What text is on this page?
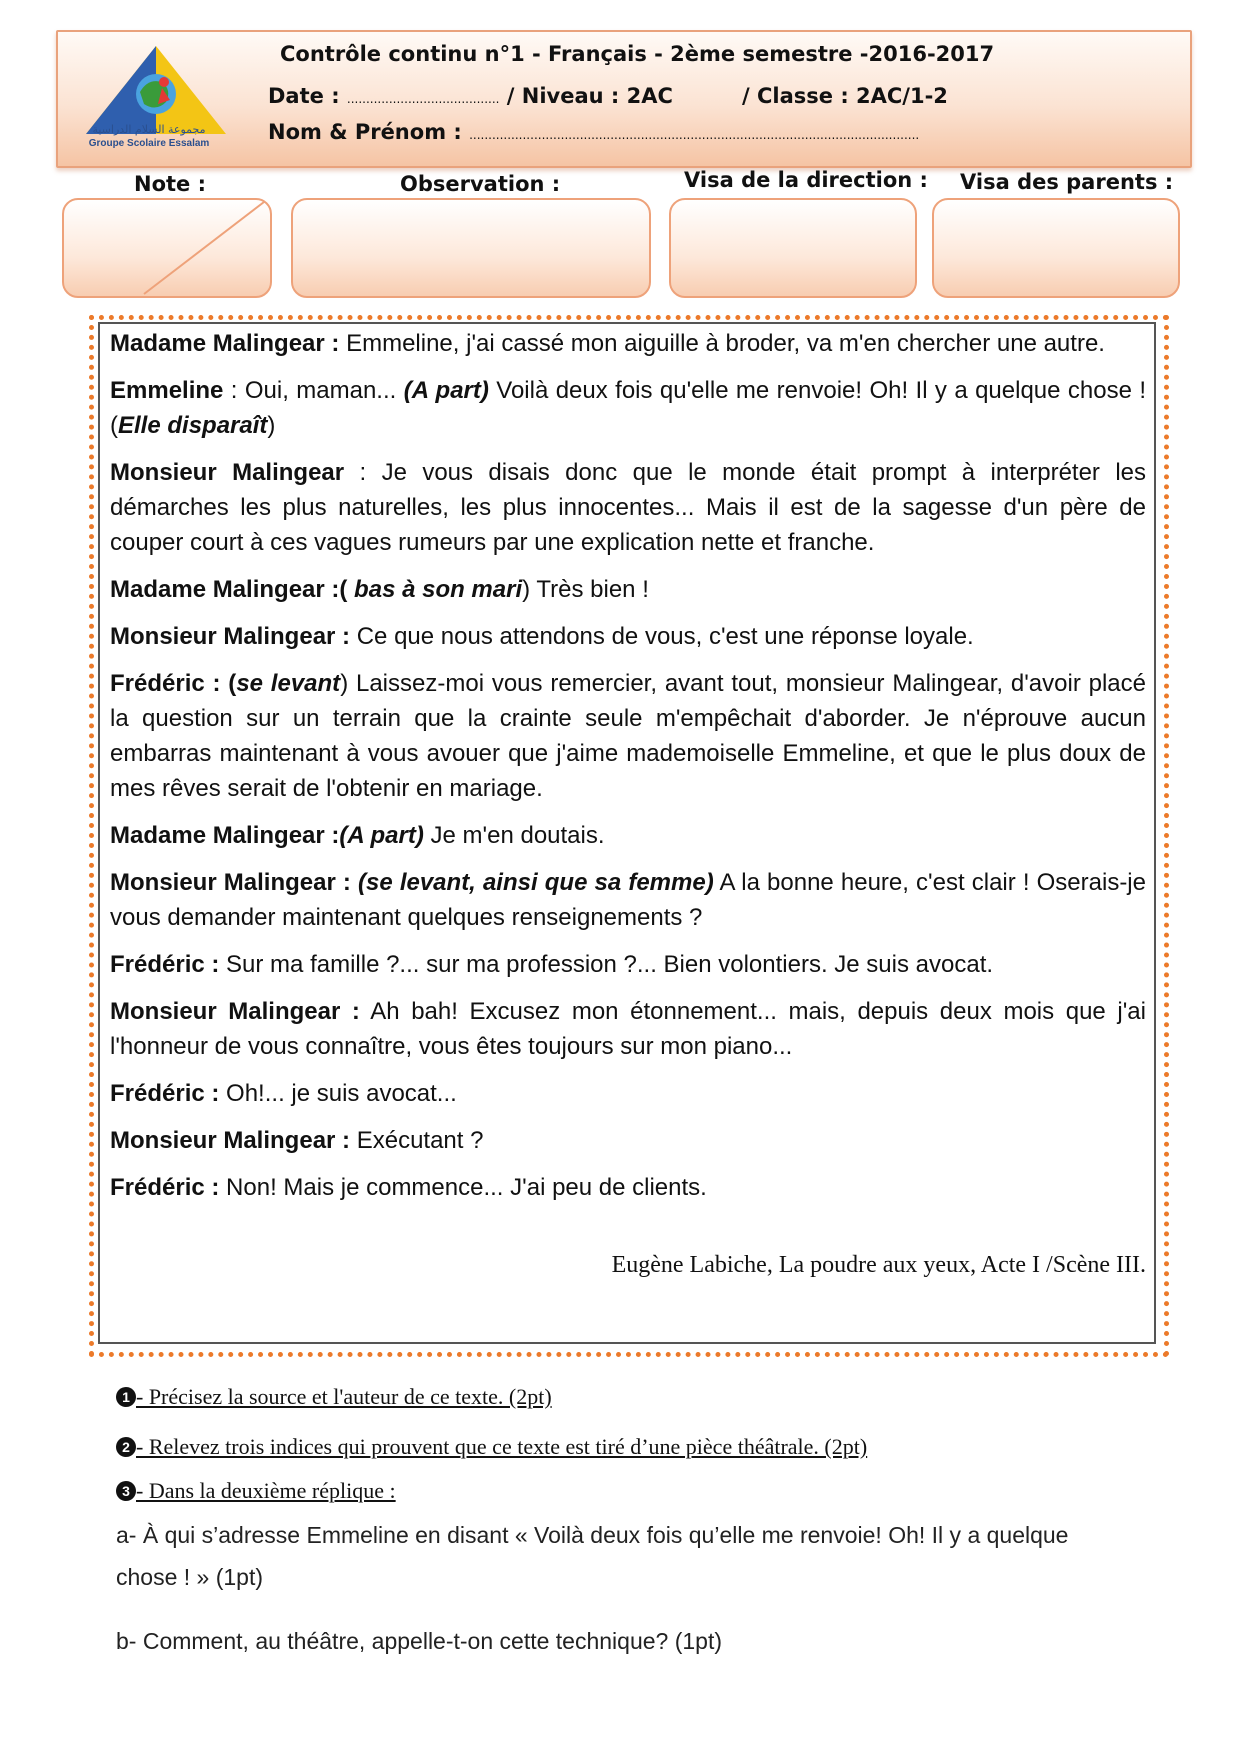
مجموعة السلام الدراسية
Groupe Scolaire Essalam
Contrôle continu n°1 - Français - 2ème semestre -2016-2017
Date : ........................................ / Niveau : 2AC	/ Classe : 2AC/1-2
Nom & Prénom : ......................................................................................................................
Note :	Observation :	Visa de la direction : Visa des parents :

Madame Malingear : Emmeline, j'ai cassé mon aiguille à broder, va m'en chercher une autre.

Emmeline : Oui, maman... (A part) Voilà deux fois qu'elle me renvoie! Oh! Il y a quelque chose ! (Elle disparaît)

Monsieur Malingear : Je vous disais donc que le monde était prompt à interpréter les démarches les plus naturelles, les plus innocentes... Mais il est de la sagesse d'un père de couper court à ces vagues rumeurs par une explication nette et franche.

Madame Malingear :( bas à son mari) Très bien !

Monsieur Malingear : Ce que nous attendons de vous, c'est une réponse loyale.

Frédéric : (se levant) Laissez-moi vous remercier, avant tout, monsieur Malingear, d'avoir placé la question sur un terrain que la crainte seule m'empêchait d'aborder. Je n'éprouve aucun embarras maintenant à vous avouer que j'aime mademoiselle Emmeline, et que le plus doux de mes rêves serait de l'obtenir en mariage.

Madame Malingear :(A part) Je m'en doutais.

Monsieur Malingear : (se levant, ainsi que sa femme) A la bonne heure, c'est clair ! Oserais-je vous demander maintenant quelques renseignements ?

Frédéric : Sur ma famille ?... sur ma profession ?... Bien volontiers. Je suis avocat.

Monsieur Malingear : Ah bah! Excusez mon étonnement... mais, depuis deux mois que j'ai l'honneur de vous connaître, vous êtes toujours sur mon piano...

Frédéric : Oh!... je suis avocat...

Monsieur Malingear : Exécutant ?

Frédéric : Non! Mais je commence... J'ai peu de clients.

Eugène Labiche, La poudre aux yeux, Acte I /Scène III.
1 - Précisez la source et l'auteur de ce texte. (2pt)
2 - Relevez trois indices qui prouvent que ce texte est tiré d’une pièce théâtrale. (2pt)
3 - Dans la deuxième réplique :
a- À qui s’adresse Emmeline en disant « Voilà deux fois qu’elle me renvoie! Oh! Il y a quelque chose ! » (1pt)
b- Comment, au théâtre, appelle-t-on cette technique? (1pt)
